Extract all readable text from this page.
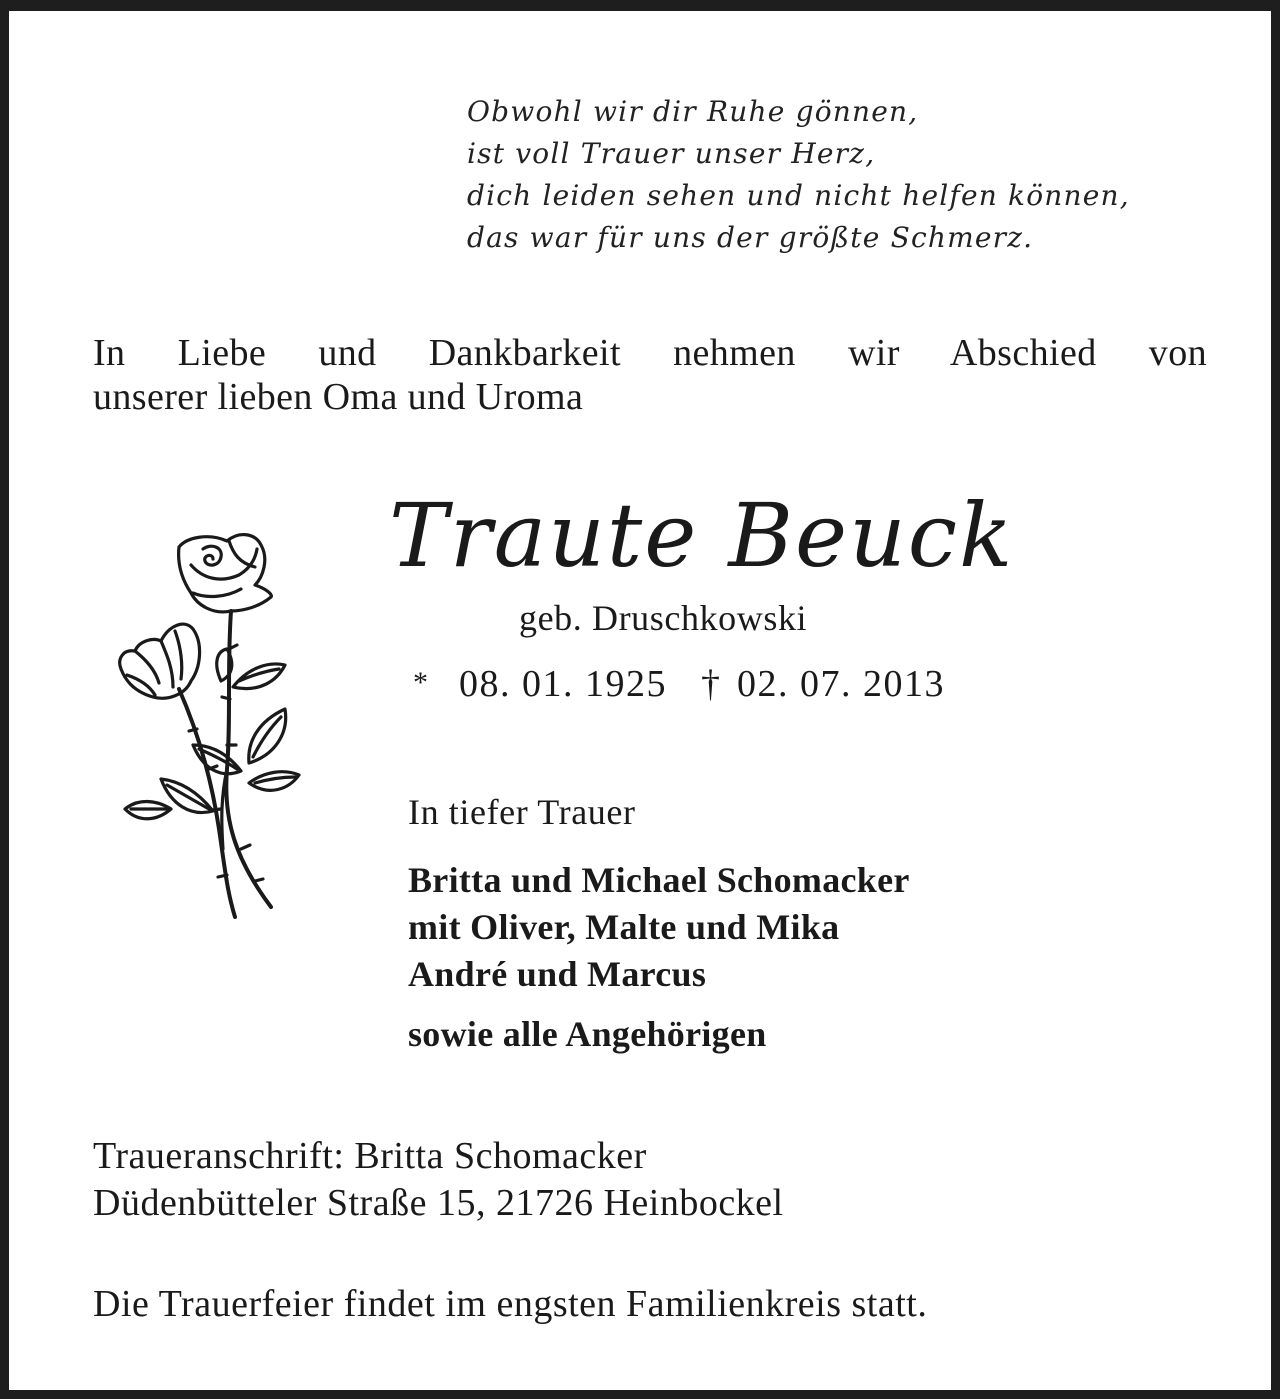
Obwohl wir dir Ruhe gönnen,
ist voll Trauer unser Herz,
dich leiden sehen und nicht helfen können,
das war für uns der größte Schmerz.
In Liebe und Dankbarkeit nehmen wir Abschied von
unserer lieben Oma und Uroma
Traute Beuck
geb. Druschkowski
* 08. 01. 1925 † 02. 07. 2013
In tiefer Trauer
Britta und Michael Schomacker
mit Oliver, Malte und Mika
André und Marcus
sowie alle Angehörigen
Traueranschrift: Britta Schomacker
Düdenbütteler Straße 15, 21726 Heinbockel
Die Trauerfeier findet im engsten Familienkreis statt.
